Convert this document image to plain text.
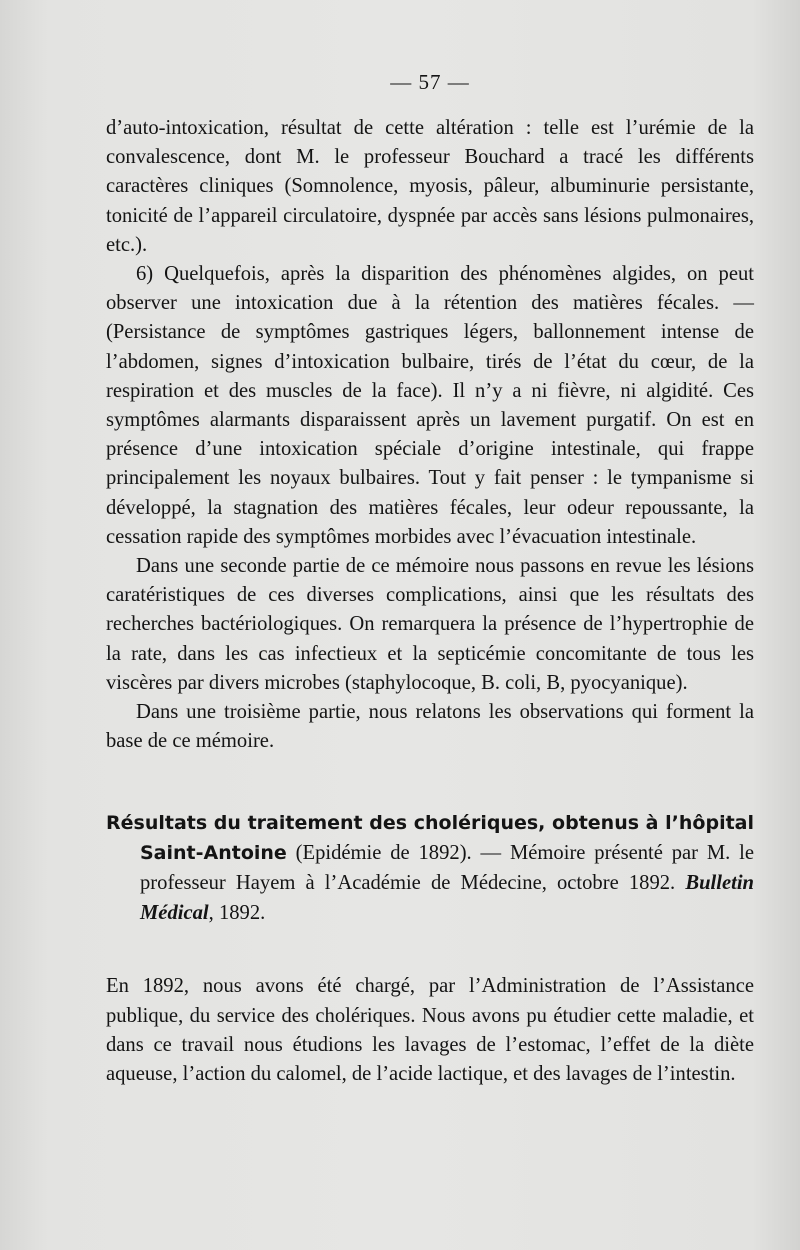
— 57 —

d’auto-intoxication, résultat de cette altération : telle est l’urémie de la convalescence, dont M. le professeur Bouchard a tracé les différents caractères cliniques (Somnolence, myosis, pâleur, albuminurie persistante, tonicité de l’appareil circulatoire, dyspnée par accès sans lésions pulmonaires, etc.).

6) Quelquefois, après la disparition des phénomènes algides, on peut observer une intoxication due à la rétention des matières fécales. — (Persistance de symptômes gastriques légers, ballonnement intense de l’abdomen, signes d’intoxication bulbaire, tirés de l’état du cœur, de la respiration et des muscles de la face). Il n’y a ni fièvre, ni algidité. Ces symptômes alarmants disparaissent après un lavement purgatif. On est en présence d’une intoxication spéciale d’origine intestinale, qui frappe principalement les noyaux bulbaires. Tout y fait penser : le tympanisme si développé, la stagnation des matières fécales, leur odeur repoussante, la cessation rapide des symptômes morbides avec l’évacuation intestinale.

Dans une seconde partie de ce mémoire nous passons en revue les lésions caratéristiques de ces diverses complications, ainsi que les résultats des recherches bactériologiques. On remarquera la présence de l’hypertrophie de la rate, dans les cas infectieux et la septicémie concomitante de tous les viscères par divers microbes (staphylocoque, B. coli, B, pyocyanique).

Dans une troisième partie, nous relatons les observations qui forment la base de ce mémoire.

Résultats du traitement des cholériques, obtenus à l’hôpital Saint-Antoine (Epidémie de 1892). — Mémoire présenté par M. le professeur Hayem à l’Académie de Médecine, octobre 1892. Bulletin Médical, 1892.

En 1892, nous avons été chargé, par l’Administration de l’Assistance publique, du service des cholériques. Nous avons pu étudier cette maladie, et dans ce travail nous étudions les lavages de l’estomac, l’effet de la diète aqueuse, l’action du calomel, de l’acide lactique, et des lavages de l’intestin.
